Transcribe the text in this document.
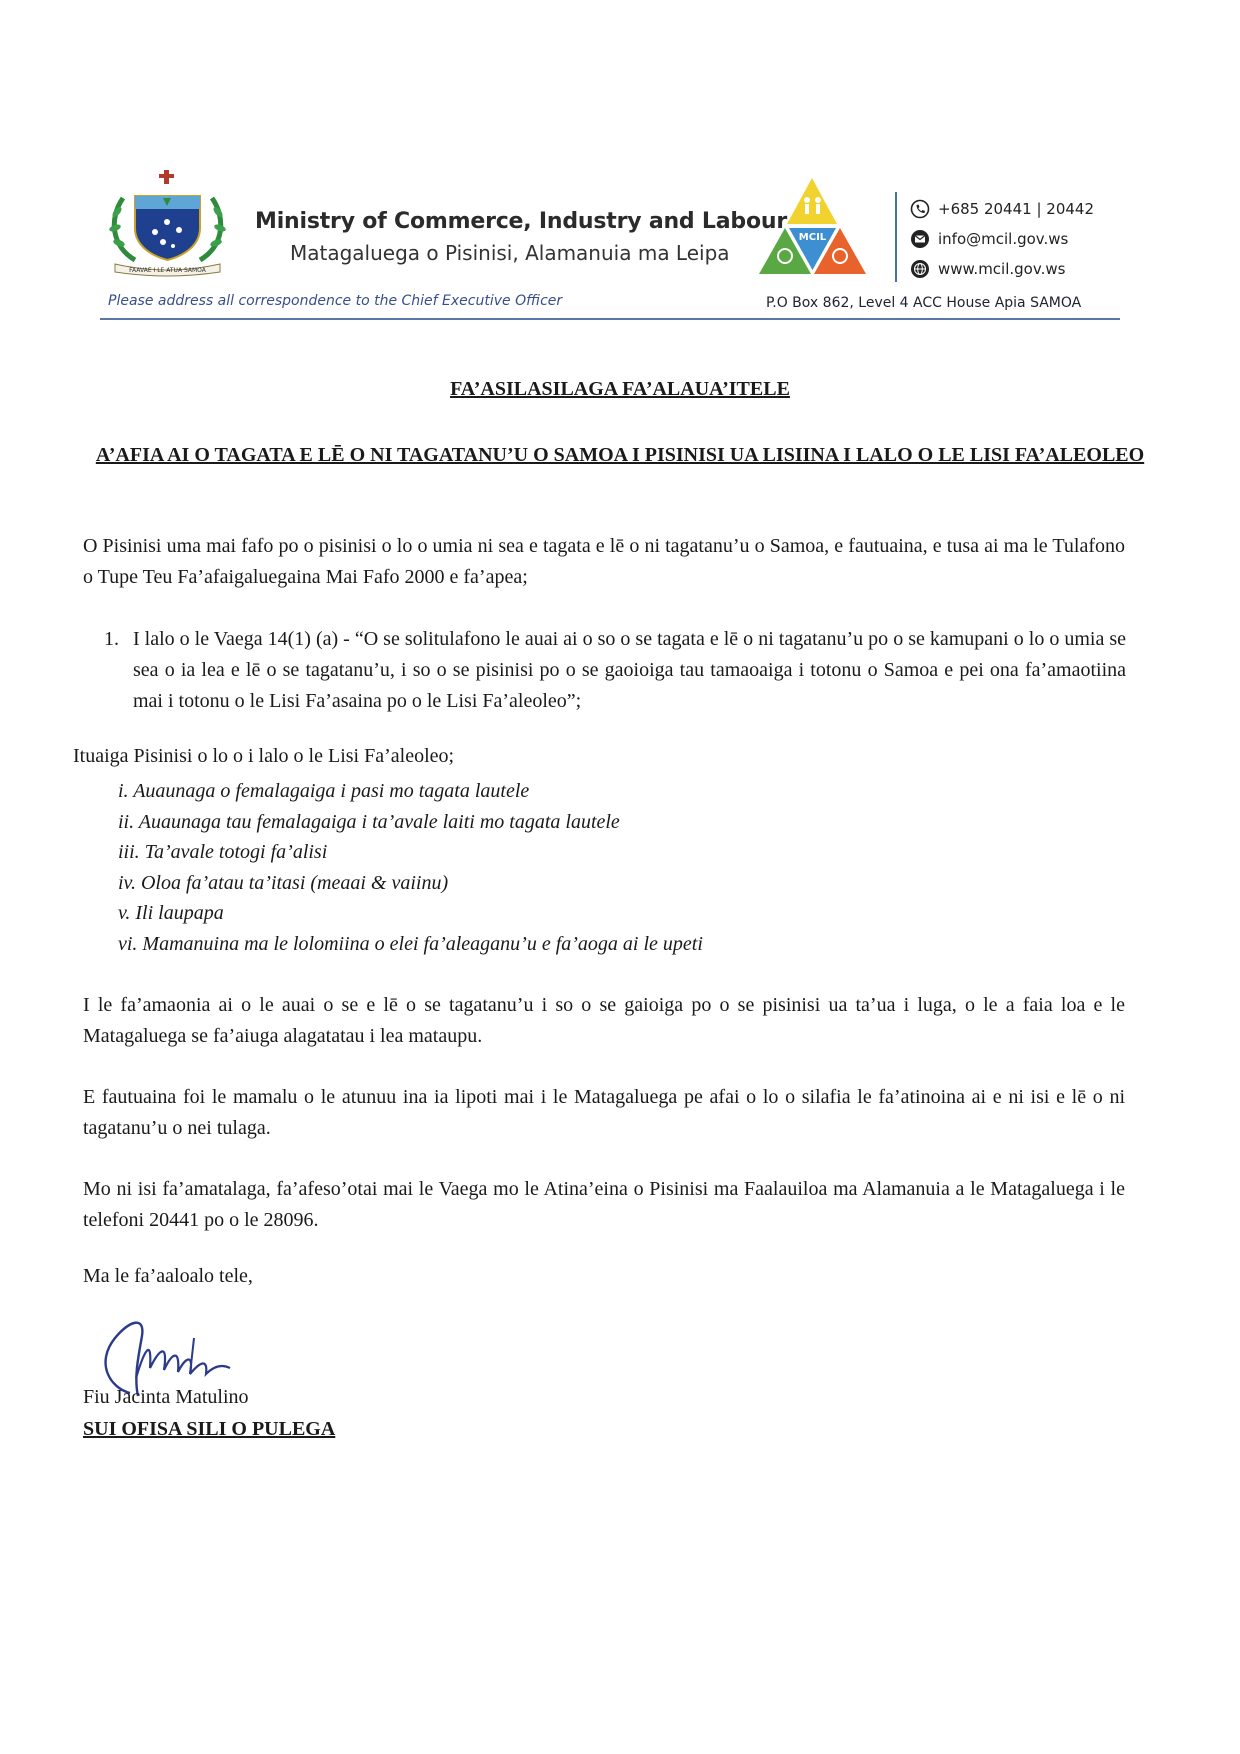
FAAVAE I LE ATUA SAMOA
Ministry of Commerce, Industry and Labour
Matagaluega o Pisinisi, Alamanuia ma Leipa
MCIL
+685 20441 | 20442
info@mcil.gov.ws
www.mcil.gov.ws
Please address all correspondence to the Chief Executive Officer	P.O Box 862, Level 4 ACC House Apia SAMOA
FA’ASILASILAGA FA’ALAUA’ITELE
A’AFIA AI O TAGATA E LĒ O NI TAGATANU’U O SAMOA I PISINISI UA LISIINA I LALO O LE LISI FA’ALEOLEO
O Pisinisi uma mai fafo po o pisinisi o lo o umia ni sea e tagata e lē o ni tagatanu’u o Samoa, e fautuaina, e tusa ai ma le Tulafono o Tupe Teu Fa’afaigaluegaina Mai Fafo 2000 e fa’apea;
1. I lalo o le Vaega 14(1) (a) - “O se solitulafono le auai ai o so o se tagata e lē o ni tagatanu’u po o se kamupani o lo o umia se sea o ia lea e lē o se tagatanu’u, i so o se pisinisi po o se gaoioiga tau tamaoaiga i totonu o Samoa e pei ona fa’amaotiina mai i totonu o le Lisi Fa’asaina po o le Lisi Fa’aleoleo”;
Ituaiga Pisinisi o lo o i lalo o le Lisi Fa’aleoleo;
i. Auaunaga o femalagaiga i pasi mo tagata lautele
ii. Auaunaga tau femalagaiga i ta’avale laiti mo tagata lautele
iii. Ta’avale totogi fa’alisi
iv. Oloa fa’atau ta’itasi (meaai & vaiinu)
v. Ili laupapa
vi. Mamanuina ma le lolomiina o elei fa’aleaganu’u e fa’aoga ai le upeti
I le fa’amaonia ai o le auai o se e lē o se tagatanu’u i so o se gaioiga po o se pisinisi ua ta’ua i luga, o le a faia loa e le Matagaluega se fa’aiuga alagatatau i lea mataupu.
E fautuaina foi le mamalu o le atunuu ina ia lipoti mai i le Matagaluega pe afai o lo o silafia le fa’atinoina ai e ni isi e lē o ni tagatanu’u o nei tulaga.
Mo ni isi fa’amatalaga, fa’afeso’otai mai le Vaega mo le Atina’eina o Pisinisi ma Faalauiloa ma Alamanuia a le Matagaluega i le telefoni 20441 po o le 28096.
Ma le fa’aaloalo tele,
Fiu Jacinta Matulino
SUI OFISA SILI O PULEGA
